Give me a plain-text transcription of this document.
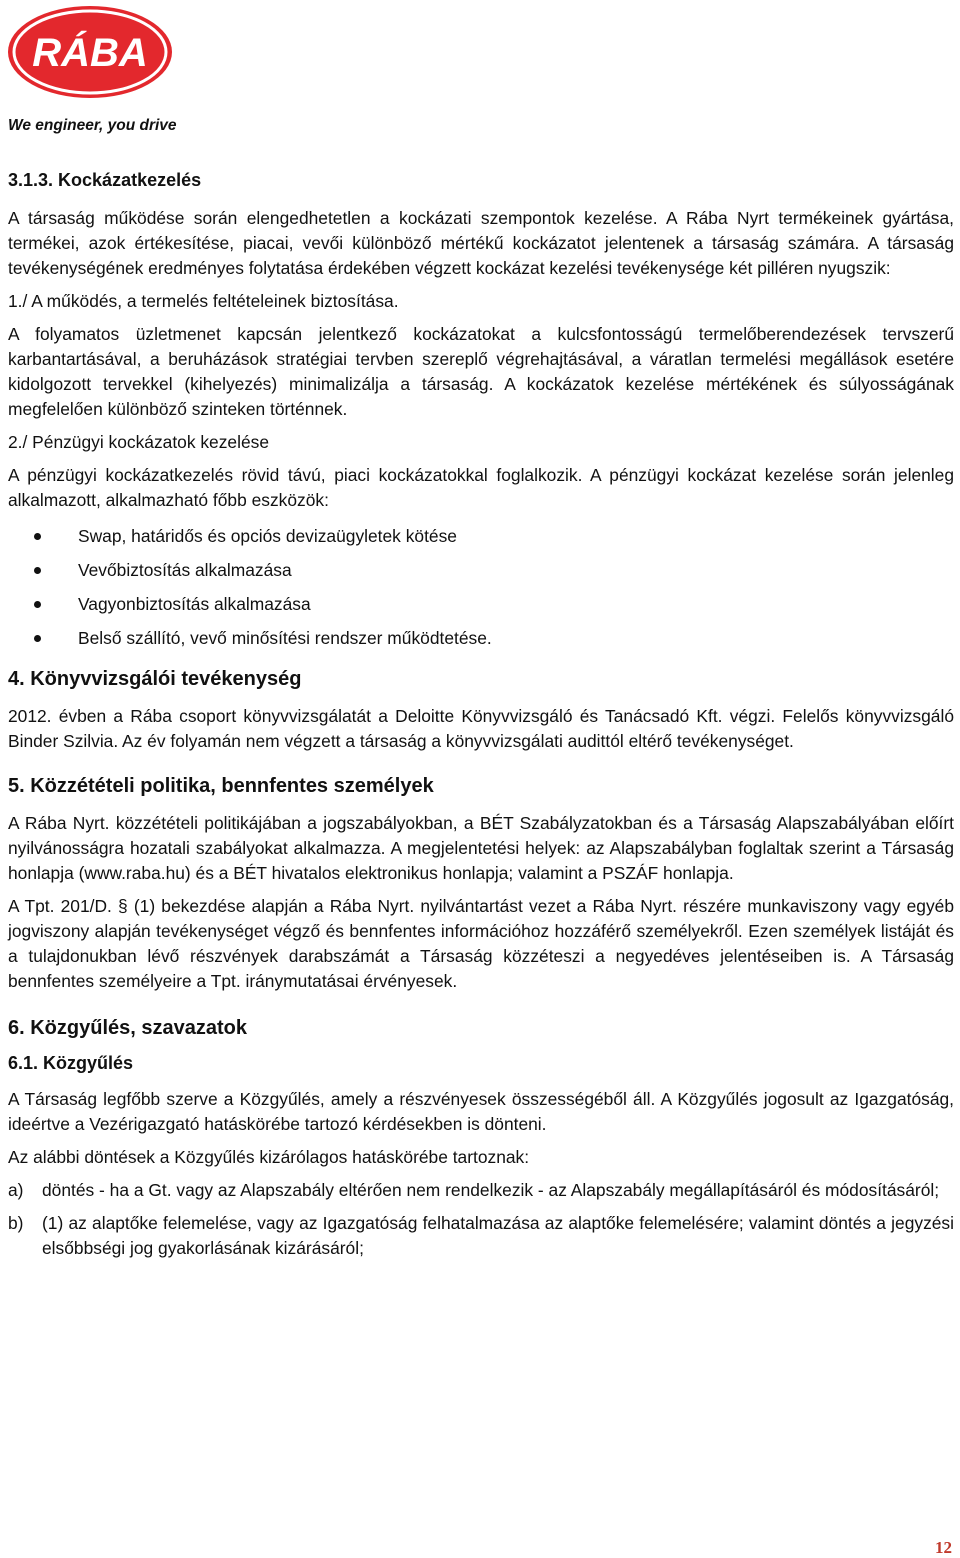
RÁBA
We engineer, you drive

3.1.3. Kockázatkezelés

A társaság működése során elengedhetetlen a kockázati szempontok kezelése. A Rába Nyrt termékeinek gyártása, termékei, azok értékesítése, piacai, vevői különböző mértékű kockázatot jelentenek a társaság számára. A társaság tevékenységének eredményes folytatása érdekében végzett kockázat kezelési tevékenysége két pilléren nyugszik:

1./ A működés, a termelés feltételeinek biztosítása.

A folyamatos üzletmenet kapcsán jelentkező kockázatokat a kulcsfontosságú termelőberendezések tervszerű karbantartásával, a beruházások stratégiai tervben szereplő végrehajtásával, a váratlan termelési megállások esetére kidolgozott tervekkel (kihelyezés) minimalizálja a társaság. A kockázatok kezelése mértékének és súlyosságának megfelelően különböző szinteken történnek.

2./ Pénzügyi kockázatok kezelése

A pénzügyi kockázatkezelés rövid távú, piaci kockázatokkal foglalkozik. A pénzügyi kockázat kezelése során jelenleg alkalmazott, alkalmazható főbb eszközök:

Swap, határidős és opciós devizaügyletek kötése
Vevőbiztosítás alkalmazása
Vagyonbiztosítás alkalmazása
Belső szállító, vevő minősítési rendszer működtetése.

4. Könyvvizsgálói tevékenység

2012. évben a Rába csoport könyvvizsgálatát a Deloitte Könyvvizsgáló és Tanácsadó Kft. végzi. Felelős könyvvizsgáló Binder Szilvia. Az év folyamán nem végzett a társaság a könyvvizsgálati audittól eltérő tevékenységet.

5. Közzétételi politika, bennfentes személyek

A Rába Nyrt. közzétételi politikájában a jogszabályokban, a BÉT Szabályzatokban és a Társaság Alapszabályában előírt nyilvánosságra hozatali szabályokat alkalmazza. A megjelentetési helyek: az Alapszabályban foglaltak szerint a Társaság honlapja (www.raba.hu) és a BÉT hivatalos elektronikus honlapja; valamint a PSZÁF honlapja.

A Tpt. 201/D. § (1) bekezdése alapján a Rába Nyrt. nyilvántartást vezet a Rába Nyrt. részére munkaviszony vagy egyéb jogviszony alapján tevékenységet végző és bennfentes információhoz hozzáférő személyekről. Ezen személyek listáját és a tulajdonukban lévő részvények darabszámát a Társaság közzéteszi a negyedéves jelentéseiben is. A Társaság bennfentes személyeire a Tpt. iránymutatásai érvényesek.

6. Közgyűlés, szavazatok

6.1. Közgyűlés

A Társaság legfőbb szerve a Közgyűlés, amely a részvényesek összességéből áll. A Közgyűlés jogosult az Igazgatóság, ideértve a Vezérigazgató hatáskörébe tartozó kérdésekben is dönteni.

Az alábbi döntések a Közgyűlés kizárólagos hatáskörébe tartoznak:

a) döntés - ha a Gt. vagy az Alapszabály eltérően nem rendelkezik - az Alapszabály megállapításáról és módosításáról;
b) (1) az alaptőke felemelése, vagy az Igazgatóság felhatalmazása az alaptőke felemelésére; valamint döntés a jegyzési elsőbbségi jog gyakorlásának kizárásáról;
12
